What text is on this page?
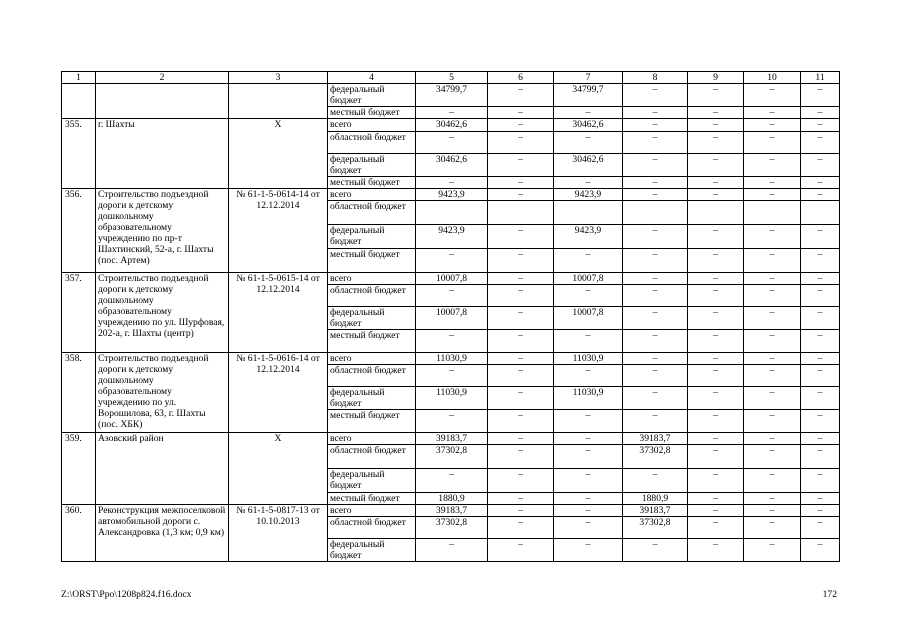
1	2	3	4	5	6	7	8	9	10	11
			федеральный бюджет	34799,7	–	34799,7	–	–	–	–
			местный бюджет	–	–	–	–	–	–	–
355.	г. Шахты	X	всего	30462,6	–	30462,6	–	–	–	–
			областной бюджет	–	–	–	–	–	–	–
			федеральный бюджет	30462,6	–	30462,6	–	–	–	–
			местный бюджет	–	–	–	–	–	–	–
356.	Строительство подъездной дороги к детскому дошкольному образовательному учреждению по пр-т Шахтинский, 52-а, г. Шахты (пос. Артем)	№ 61-1-5-0614-14 от 12.12.2014	всего	9423,9	–	9423,9	–	–	–	–
			областной бюджет							
			федеральный бюджет	9423,9	–	9423,9	–	–	–	–
			местный бюджет	–	–	–	–	–	–	–
357.	Строительство подъездной дороги к детскому дошкольному образовательному учреждению по ул. Шурфовая, 202-а, г. Шахты (центр)	№ 61-1-5-0615-14 от 12.12.2014	всего	10007,8	–	10007,8	–	–	–	–
			областной бюджет	–	–	–	–	–	–	–
			федеральный бюджет	10007,8	–	10007,8	–	–	–	–
			местный бюджет	–	–	–	–	–	–	–
358.	Строительство подъездной дороги к детскому дошкольному образовательному учреждению по ул. Ворошилова, 63, г. Шахты (пос. ХБК)	№ 61-1-5-0616-14 от 12.12.2014	всего	11030,9	–	11030,9	–	–	–	–
			областной бюджет	–	–	–	–	–	–	–
			федеральный бюджет	11030,9	–	11030,9	–	–	–	–
			местный бюджет	–	–	–	–	–	–	–
359.	Азовский район	X	всего	39183,7	–	–	39183,7	–	–	–
			областной бюджет	37302,8	–	–	37302,8	–	–	–
			федеральный бюджет	–	–	–	–	–	–	–
			местный бюджет	1880,9	–	–	1880,9	–	–	–
360.	Реконструкция межпоселковой автомобильной дороги с. Александровка (1,3 км; 0,9 км)	№ 61-1-5-0817-13 от 10.10.2013	всего	39183,7	–	–	39183,7	–	–	–
			областной бюджет	37302,8	–	–	37302,8	–	–	–
			федеральный бюджет	–	–	–	–	–	–	–
Z:\ORST\Ppo\1208p824.f16.docx	172
